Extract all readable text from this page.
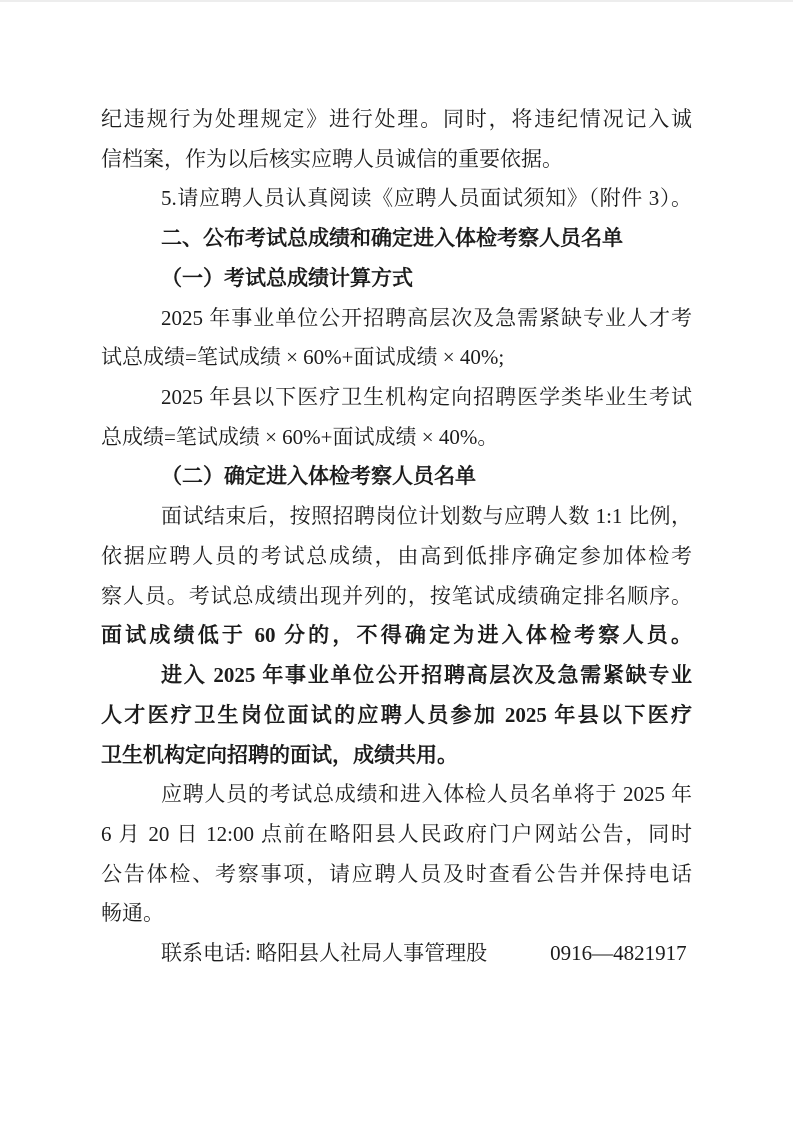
纪违规行为处理规定》进行处理。同时，将违纪情况记入诚
信档案，作为以后核实应聘人员诚信的重要依据。
5.请应聘人员认真阅读《应聘人员面试须知》（附件 3）。
二、公布考试总成绩和确定进入体检考察人员名单
（一）考试总成绩计算方式
2025 年事业单位公开招聘高层次及急需紧缺专业人才考
试总成绩=笔试成绩 × 60%+面试成绩 × 40%;
2025 年县以下医疗卫生机构定向招聘医学类毕业生考试
总成绩=笔试成绩 × 60%+面试成绩 × 40%。
（二）确定进入体检考察人员名单
面试结束后，按照招聘岗位计划数与应聘人数 1:1 比例，
依据应聘人员的考试总成绩，由高到低排序确定参加体检考
察人员。考试总成绩出现并列的，按笔试成绩确定排名顺序。
面试成绩低于 60 分的，不得确定为进入体检考察人员。
进入 2025 年事业单位公开招聘高层次及急需紧缺专业
人才医疗卫生岗位面试的应聘人员参加 2025 年县以下医疗
卫生机构定向招聘的面试，成绩共用。
应聘人员的考试总成绩和进入体检人员名单将于 2025 年
6 月 20 日 12:00 点前在略阳县人民政府门户网站公告，同时
公告体检、考察事项，请应聘人员及时查看公告并保持电话
畅通。
联系电话: 略阳县人社局人事管理股　　　0916—4821917
